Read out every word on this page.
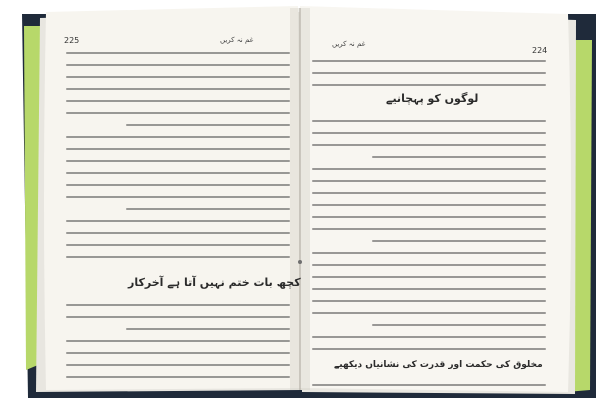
225	غم نہ کریں
224
غم نہ کریں
کچھ بات ختم نہیں آتا ہے آخرکار
لوگوں کو پہچانیے
مخلوق کی حکمت اور قدرت کی نشانیاں دیکھیے
